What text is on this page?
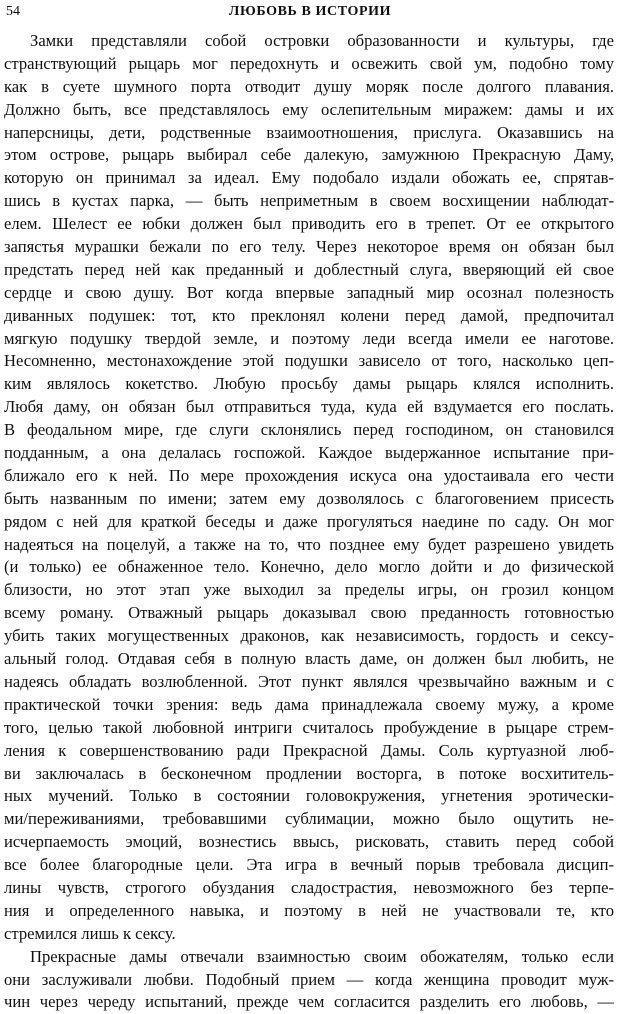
54	ЛЮБОВЬ В ИСТОРИИ
Замки представляли собой островки образованности и культуры, где
странствующий рыцарь мог передохнуть и освежить свой ум, подобно тому
как в суете шумного порта отводит душу моряк после долгого плавания.
Должно быть, все представлялось ему ослепительным миражем: дамы и их
наперсницы, дети, родственные взаимоотношения, прислуга. Оказавшись на
этом острове, рыцарь выбирал себе далекую, замужнюю Прекрасную Даму,
которую он принимал за идеал. Ему подобало издали обожать ее, спрятав-
шись в кустах парка, — быть неприметным в своем восхищении наблюдат-
елем. Шелест ее юбки должен был приводить его в трепет. От ее открытого
запястья мурашки бежали по его телу. Через некоторое время он обязан был
предстать перед ней как преданный и доблестный слуга, вверяющий ей свое
сердце и свою душу. Вот когда впервые западный мир осознал полезность
диванных подушек: тот, кто преклонял колени перед дамой, предпочитал
мягкую подушку твердой земле, и поэтому леди всегда имели ее наготове.
Несомненно, местонахождение этой подушки зависело от того, насколько цеп-
ким являлось кокетство. Любую просьбу дамы рыцарь клялся исполнить.
Любя даму, он обязан был отправиться туда, куда ей вздумается его послать.
В феодальном мире, где слуги склонялись перед господином, он становился
подданным, а она делалась госпожой. Каждое выдержанное испытание при-
ближало его к ней. По мере прохождения искуса она удостаивала его чести
быть названным по имени; затем ему дозволялось с благоговением присесть
рядом с ней для краткой беседы и даже прогуляться наедине по саду. Он мог
надеяться на поцелуй, а также на то, что позднее ему будет разрешено увидеть
(и только) ее обнаженное тело. Конечно, дело могло дойти и до физической
близости, но этот этап уже выходил за пределы игры, он грозил концом
всему роману. Отважный рыцарь доказывал свою преданность готовностью
убить таких могущественных драконов, как независимость, гордость и сексу-
альный голод. Отдавая себя в полную власть даме, он должен был любить, не
надеясь обладать возлюбленной. Этот пункт являлся чрезвычайно важным и с
практической точки зрения: ведь дама принадлежала своему мужу, а кроме
того, целью такой любовной интриги считалось пробуждение в рыцаре стрем-
ления к совершенствованию ради Прекрасной Дамы. Соль куртуазной люб-
ви заключалась в бесконечном продлении восторга, в потоке восхититель-
ных мучений. Только в состоянии головокружения, угнетения эротически-
ми/переживаниями, требовавшими сублимации, можно было ощутить не-
исчерпаемость эмоций, вознестись ввысь, рисковать, ставить перед собой
все более благородные цели. Эта игра в вечный порыв требовала дисцип-
лины чувств, строгого обуздания сладострастия, невозможного без терпе-
ния и определенного навыка, и поэтому в ней не участвовали те, кто
стремился лишь к сексу.
Прекрасные дамы отвечали взаимностью своим обожателям, только если
они заслуживали любви. Подобный прием — когда женщина проводит муж-
чин через череду испытаний, прежде чем согласится разделить его любовь, —
